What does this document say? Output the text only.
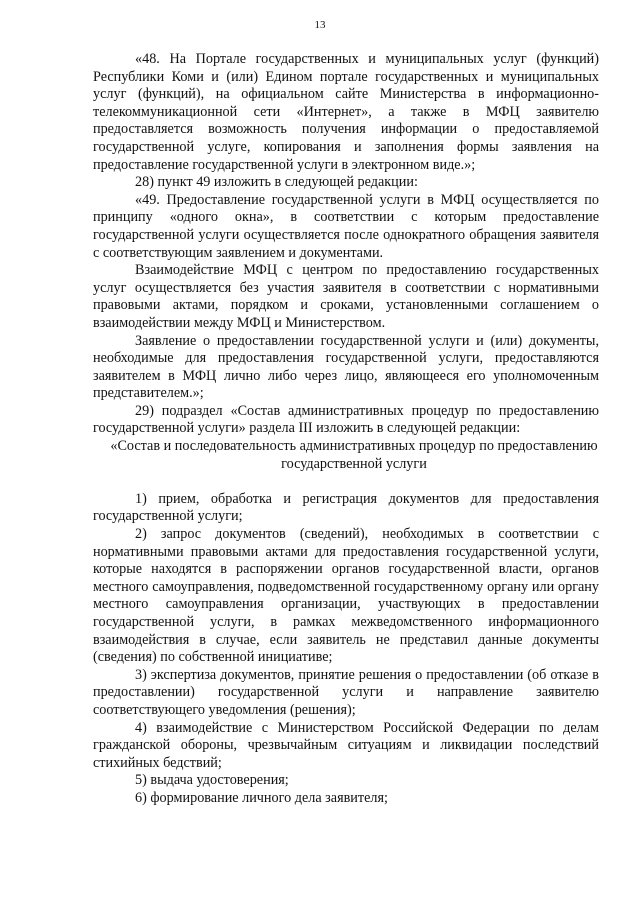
13

«48. На Портале государственных и муниципальных услуг (функций) Республики Коми и (или) Едином портале государственных и муниципальных услуг (функций), на официальном сайте Министерства в информационно-телекоммуникационной сети «Интернет», а также в МФЦ заявителю предоставляется возможность получения информации о предоставляемой государственной услуге, копирования и заполнения формы заявления на предоставление государственной услуги в электронном виде.»;

28) пункт 49 изложить в следующей редакции:

«49. Предоставление государственной услуги в МФЦ осуществляется по принципу «одного окна», в соответствии с которым предоставление государственной услуги осуществляется после однократного обращения заявителя с соответствующим заявлением и документами.

Взаимодействие МФЦ с центром по предоставлению государственных услуг осуществляется без участия заявителя в соответствии с нормативными правовыми актами, порядком и сроками, установленными соглашением о взаимодействии между МФЦ и Министерством.

Заявление о предоставлении государственной услуги и (или) документы, необходимые для предоставления государственной услуги, предоставляются заявителем в МФЦ лично либо через лицо, являющееся его уполномоченным представителем.»;

29) подраздел «Состав административных процедур по предоставлению государственной услуги» раздела III изложить в следующей редакции:

«Состав и последовательность административных процедур по предоставлению государственной услуги

1) прием, обработка и регистрация документов для предоставления государственной услуги;

2) запрос документов (сведений), необходимых в соответствии с нормативными правовыми актами для предоставления государственной услуги, которые находятся в распоряжении органов государственной власти, органов местного самоуправления, подведомственной государственному органу или органу местного самоуправления организации, участвующих в предоставлении государственной услуги, в рамках межведомственного информационного взаимодействия в случае, если заявитель не представил данные документы (сведения) по собственной инициативе;

3) экспертиза документов, принятие решения о предоставлении (об отказе в предоставлении) государственной услуги и направление заявителю соответствующего уведомления (решения);

4) взаимодействие с Министерством Российской Федерации по делам гражданской обороны, чрезвычайным ситуациям и ликвидации последствий стихийных бедствий;

5) выдача удостоверения;

6) формирование личного дела заявителя;
